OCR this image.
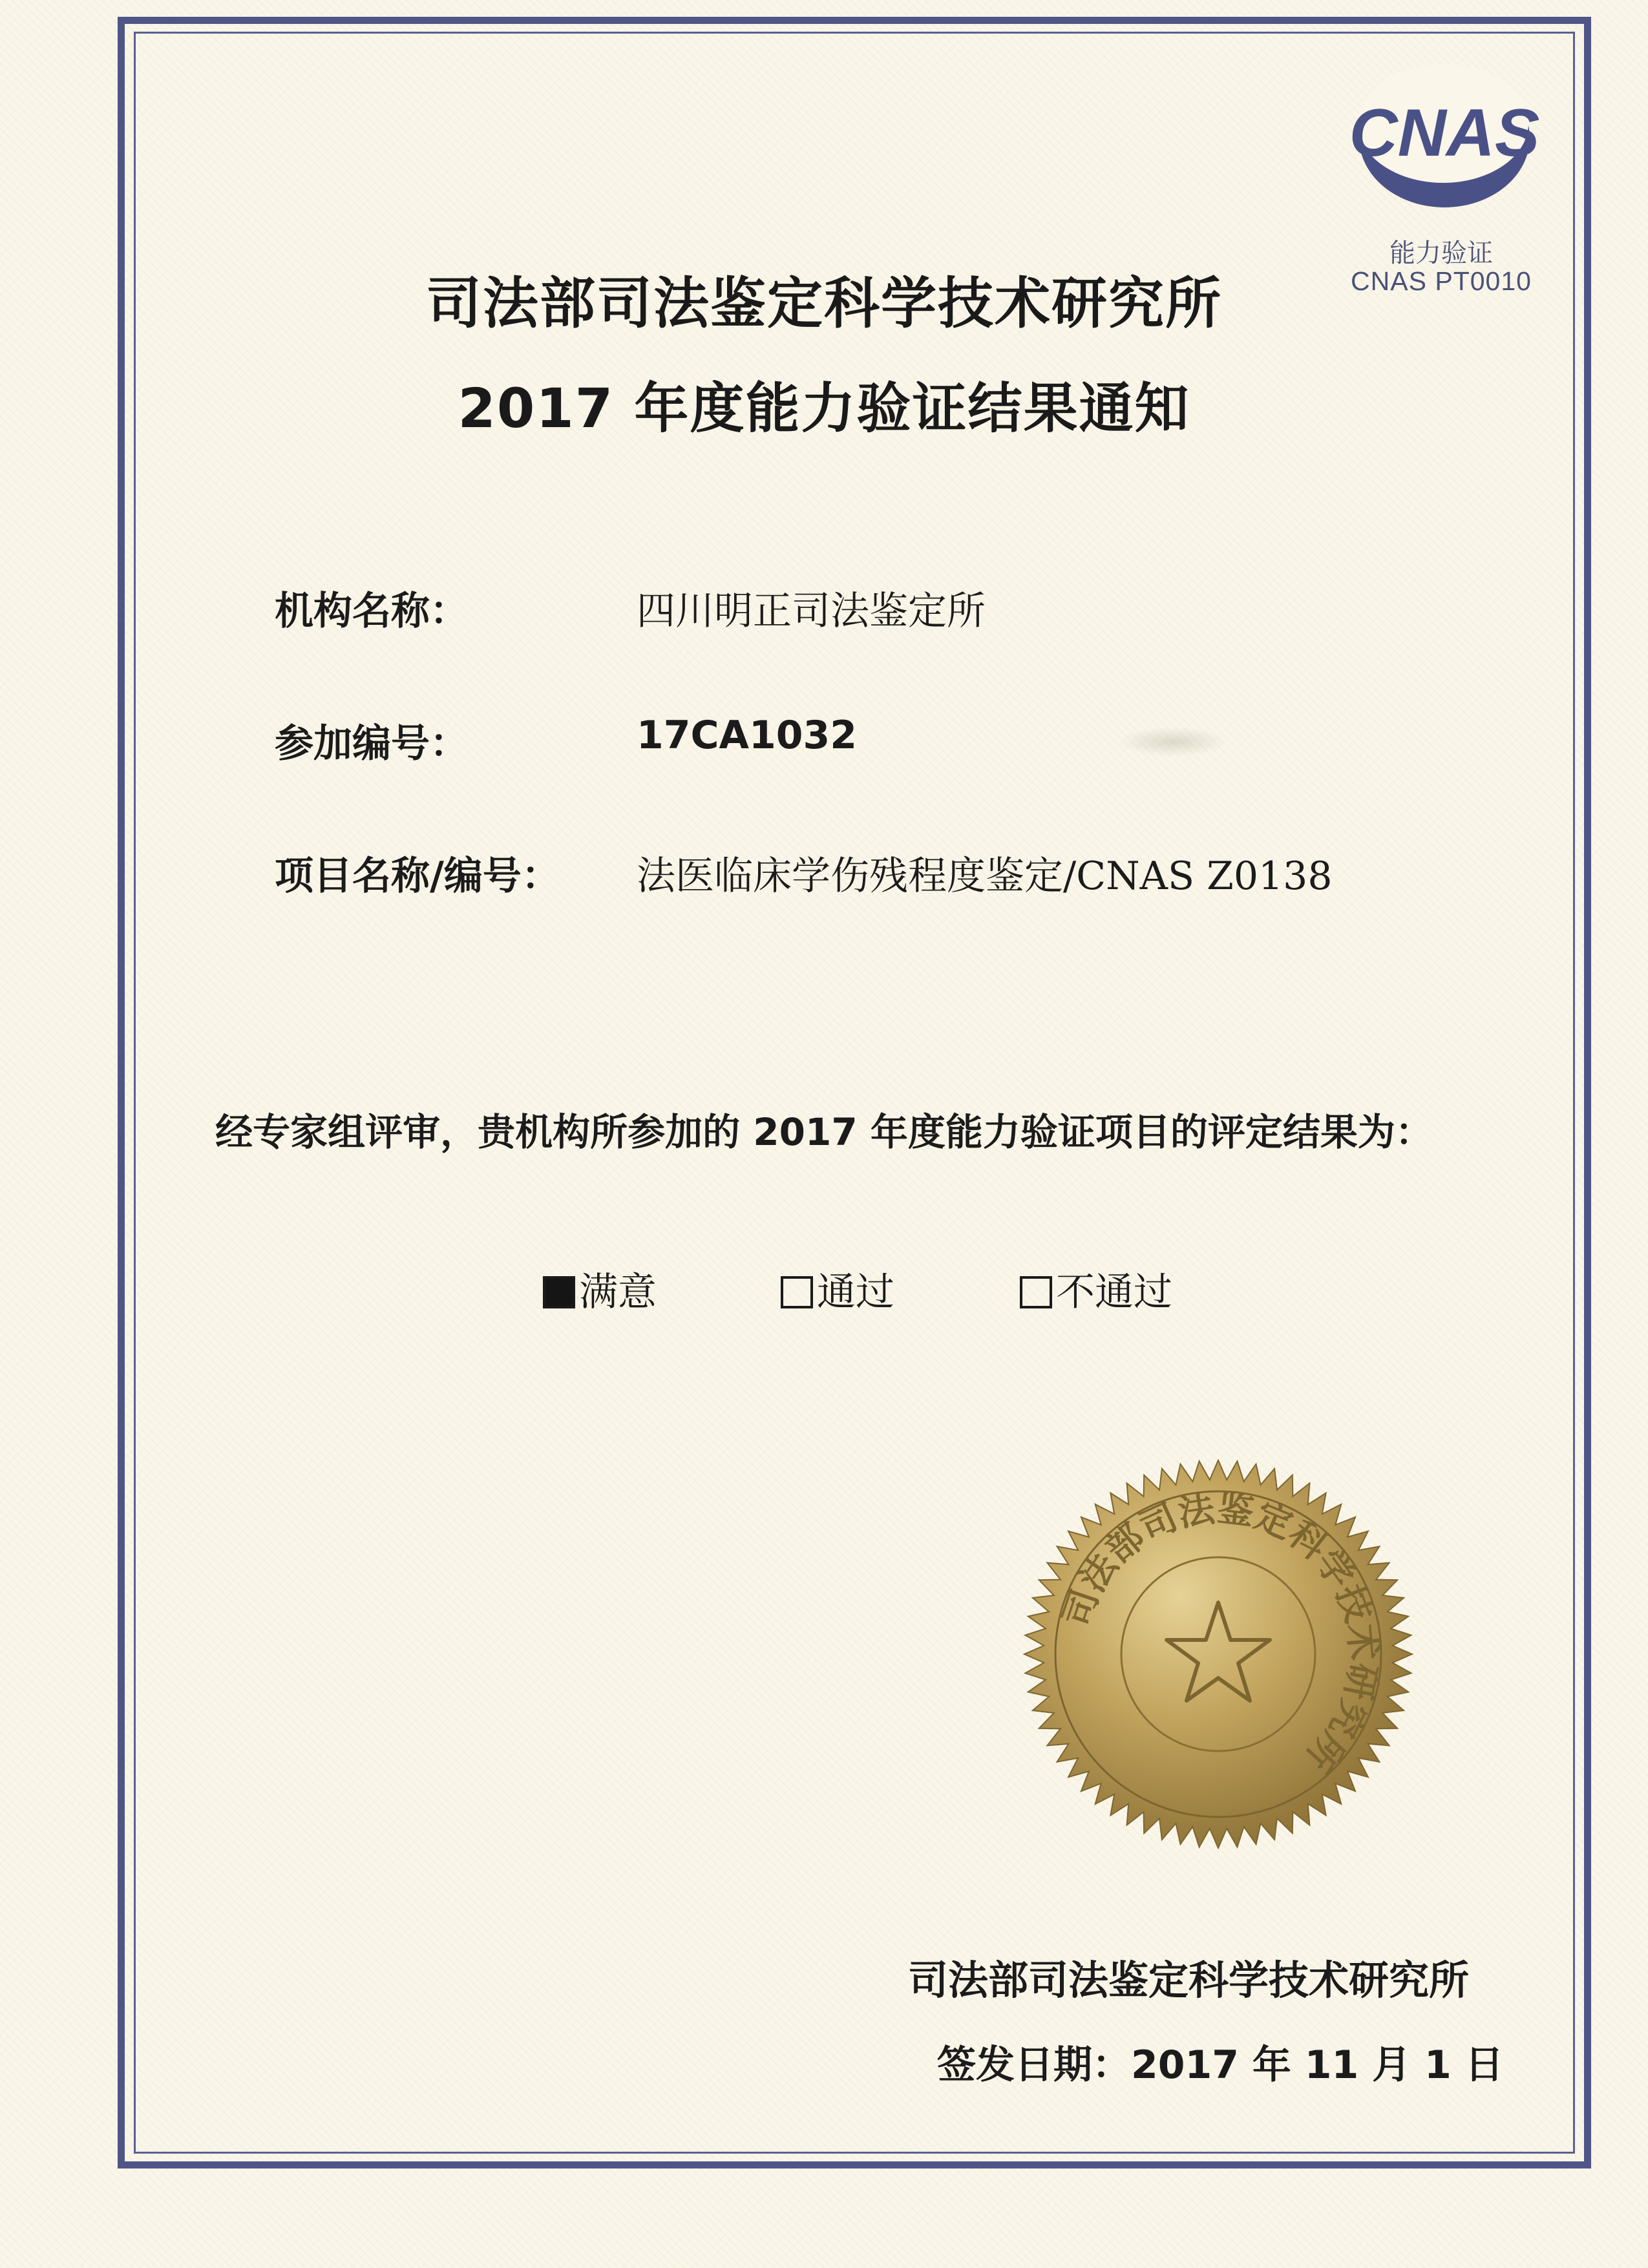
CNAS
能力验证
CNAS PT0010
司法部司法鉴定科学技术研究所
2017 年度能力验证结果通知
机构名称：	四川明正司法鉴定所
参加编号：	17CA1032
项目名称/编号： 法医临床学伤残程度鉴定/CNAS Z0138
经专家组评审，贵机构所参加的 2017 年度能力验证项目的评定结果为：
满意	通过	不通过
司法部司法鉴定科学技术研究所
司法部司法鉴定科学技术研究所
签发日期：2017 年 11 月 1 日
